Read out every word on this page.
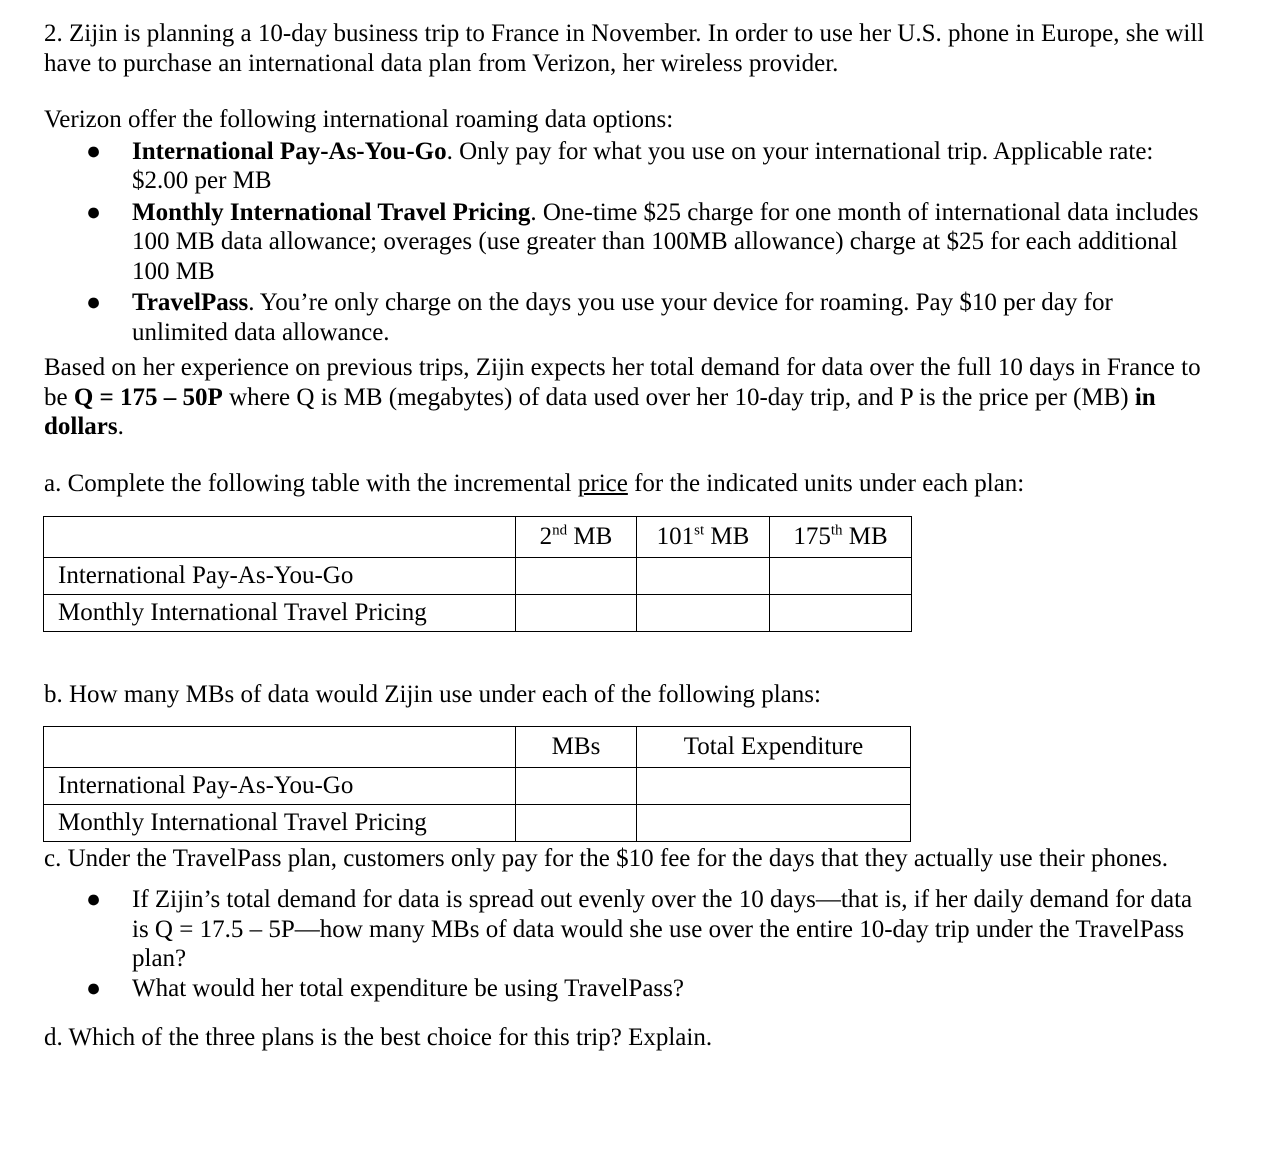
2. Zijin is planning a 10-day business trip to France in November. In order to use her U.S. phone in Europe, she will have to purchase an international data plan from Verizon, her wireless provider.

Verizon offer the following international roaming data options:

● International Pay-As-You-Go. Only pay for what you use on your international trip. Applicable rate: $2.00 per MB
● Monthly International Travel Pricing. One-time $25 charge for one month of international data includes 100 MB data allowance; overages (use greater than 100MB allowance) charge at $25 for each additional 100 MB
● TravelPass. You’re only charge on the days you use your device for roaming. Pay $10 per day for unlimited data allowance.

Based on her experience on previous trips, Zijin expects her total demand for data over the full 10 days in France to be Q = 175 – 50P where Q is MB (megabytes) of data used over her 10-day trip, and P is the price per (MB) in dollars.

a. Complete the following table with the incremental price for the indicated units under each plan:

	2nd MB	101st MB	175th MB
International Pay-As-You-Go			
Monthly International Travel Pricing			

b. How many MBs of data would Zijin use under each of the following plans:

	MBs	Total Expenditure
International Pay-As-You-Go		
Monthly International Travel Pricing		

c. Under the TravelPass plan, customers only pay for the $10 fee for the days that they actually use their phones.

● If Zijin’s total demand for data is spread out evenly over the 10 days—that is, if her daily demand for data is Q = 17.5 – 5P—how many MBs of data would she use over the entire 10-day trip under the TravelPass plan?
● What would her total expenditure be using TravelPass?

d. Which of the three plans is the best choice for this trip? Explain.
